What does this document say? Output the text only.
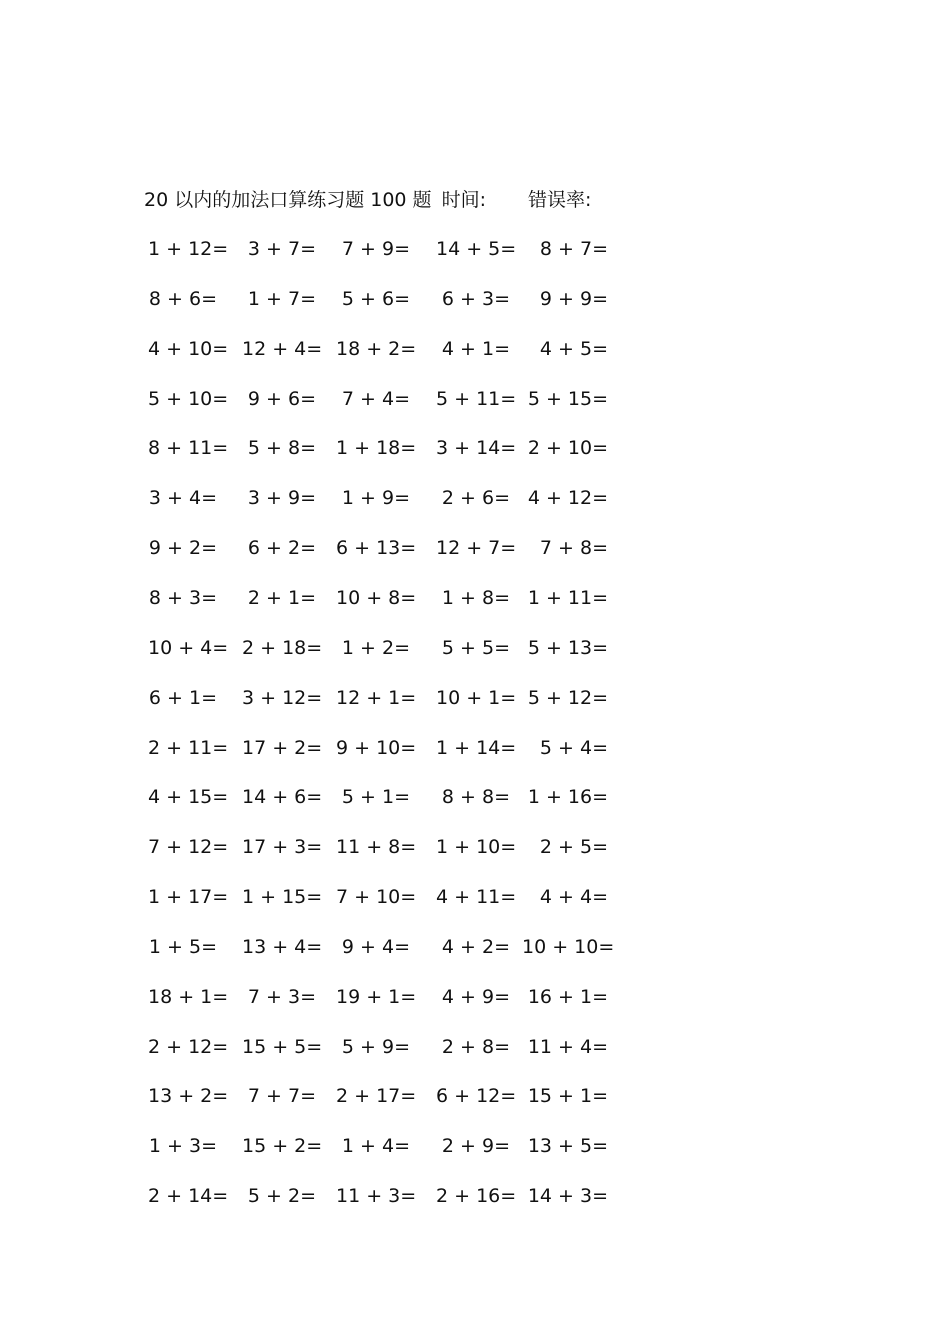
20 以内的加法口算练习题 100 题 时间: 错误率:
1 + 12= 3 + 7= 7 + 9= 14 + 5= 8 + 7=
8 + 6= 1 + 7= 5 + 6= 6 + 3= 9 + 9=
4 + 10= 12 + 4= 18 + 2= 4 + 1= 4 + 5=
5 + 10= 9 + 6= 7 + 4= 5 + 11= 5 + 15=
8 + 11= 5 + 8= 1 + 18= 3 + 14= 2 + 10=
3 + 4= 3 + 9= 1 + 9= 2 + 6= 4 + 12=
9 + 2= 6 + 2= 6 + 13= 12 + 7= 7 + 8=
8 + 3= 2 + 1= 10 + 8= 1 + 8= 1 + 11=
10 + 4= 2 + 18= 1 + 2= 5 + 5= 5 + 13=
6 + 1= 3 + 12= 12 + 1= 10 + 1= 5 + 12=
2 + 11= 17 + 2= 9 + 10= 1 + 14= 5 + 4=
4 + 15= 14 + 6= 5 + 1= 8 + 8= 1 + 16=
7 + 12= 17 + 3= 11 + 8= 1 + 10= 2 + 5=
1 + 17= 1 + 15= 7 + 10= 4 + 11= 4 + 4=
1 + 5= 13 + 4= 9 + 4= 4 + 2= 10 + 10=
18 + 1= 7 + 3= 19 + 1= 4 + 9= 16 + 1=
2 + 12= 15 + 5= 5 + 9= 2 + 8= 11 + 4=
13 + 2= 7 + 7= 2 + 17= 6 + 12= 15 + 1=
1 + 3= 15 + 2= 1 + 4= 2 + 9= 13 + 5=
2 + 14= 5 + 2= 11 + 3= 2 + 16= 14 + 3=
